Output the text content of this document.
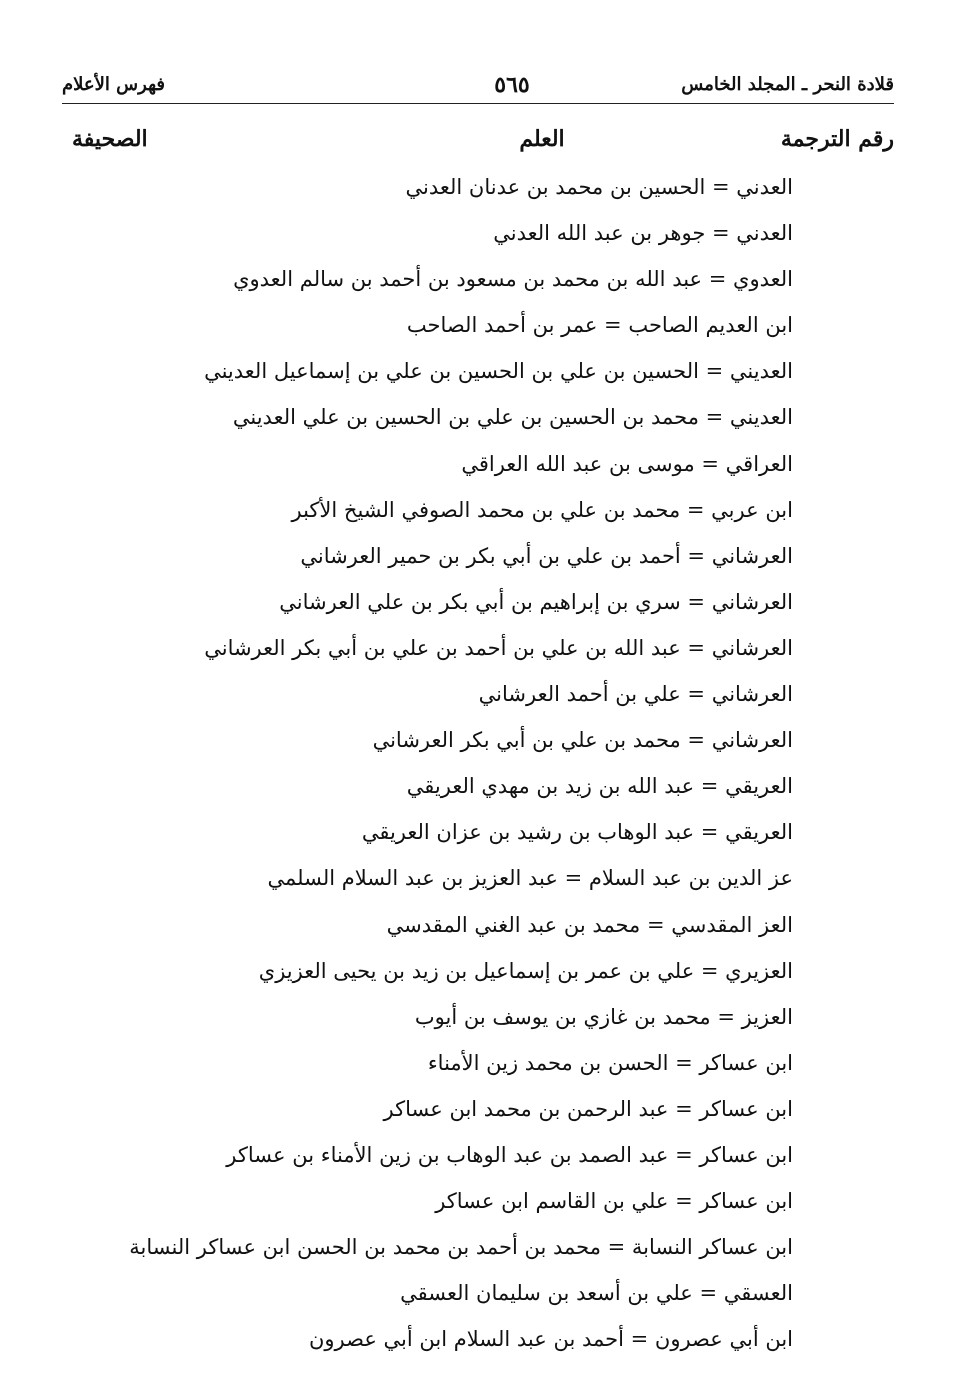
قلادة النحر ـ المجلد الخامس
٥٦٥
فهرس الأعلام
رقم الترجمة
العلم
الصحيفة
العدني = الحسين بن محمد بن عدنان العدني
العدني = جوهر بن عبد الله العدني
العدوي = عبد الله بن محمد بن مسعود بن أحمد بن سالم العدوي
ابن العديم الصاحب = عمر بن أحمد الصاحب
العديني = الحسين بن علي بن الحسين بن علي بن إسماعيل العديني
العديني = محمد بن الحسين بن علي بن الحسين بن علي العديني
العراقي = موسى بن عبد الله العراقي
ابن عربي = محمد بن علي بن محمد الصوفي الشيخ الأكبر
العرشاني = أحمد بن علي بن أبي بكر بن حمير العرشاني
العرشاني = سري بن إبراهيم بن أبي بكر بن علي العرشاني
العرشاني = عبد الله بن علي بن أحمد بن علي بن أبي بكر العرشاني
العرشاني = علي بن أحمد العرشاني
العرشاني = محمد بن علي بن أبي بكر العرشاني
العريقي = عبد الله بن زيد بن مهدي العريقي
العريقي = عبد الوهاب بن رشيد بن عزان العريقي
عز الدين بن عبد السلام = عبد العزيز بن عبد السلام السلمي
العز المقدسي = محمد بن عبد الغني المقدسي
العزيري = علي بن عمر بن إسماعيل بن زيد بن يحيى العزيزي
العزيز = محمد بن غازي بن يوسف بن أيوب
ابن عساكر = الحسن بن محمد زين الأمناء
ابن عساكر = عبد الرحمن بن محمد ابن عساكر
ابن عساكر = عبد الصمد بن عبد الوهاب بن زين الأمناء بن عساكر
ابن عساكر = علي بن القاسم ابن عساكر
ابن عساكر النسابة = محمد بن أحمد بن محمد بن الحسن ابن عساكر النسابة
العسقي = علي بن أسعد بن سليمان العسقي
ابن أبي عصرون = أحمد بن عبد السلام ابن أبي عصرون
